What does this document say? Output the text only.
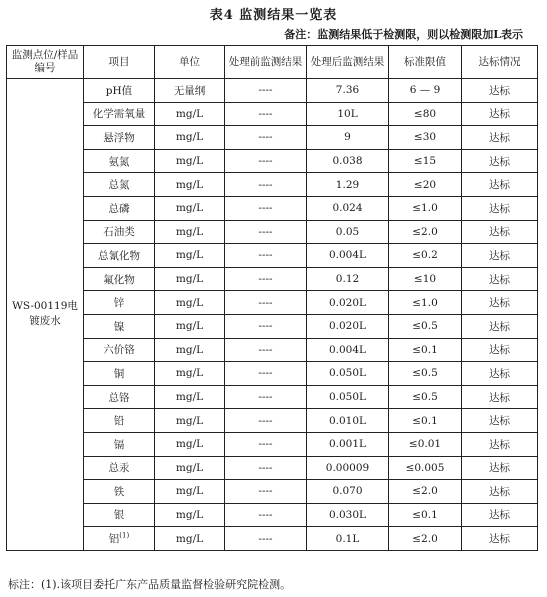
表4 监测结果一览表
备注：监测结果低于检测限，则以检测限加L表示
监测点位/样品编号	项目	单位	处理前监测结果	处理后监测结果	标准限值	达标情况
WS-00119电镀废水	pH值	无量纲	----	7.36	6 — 9	达标
	化学需氧量	mg/L	----	10L	≤80	达标
	悬浮物	mg/L	----	9	≤30	达标
	氨氮	mg/L	----	0.038	≤15	达标
	总氮	mg/L	----	1.29	≤20	达标
	总磷	mg/L	----	0.024	≤1.0	达标
	石油类	mg/L	----	0.05	≤2.0	达标
	总氰化物	mg/L	----	0.004L	≤0.2	达标
	氟化物	mg/L	----	0.12	≤10	达标
	锌	mg/L	----	0.020L	≤1.0	达标
	镍	mg/L	----	0.020L	≤0.5	达标
	六价铬	mg/L	----	0.004L	≤0.1	达标
	铜	mg/L	----	0.050L	≤0.5	达标
	总铬	mg/L	----	0.050L	≤0.5	达标
	铅	mg/L	----	0.010L	≤0.1	达标
	镉	mg/L	----	0.001L	≤0.01	达标
	总汞	mg/L	----	0.00009	≤0.005	达标
	铁	mg/L	----	0.070	≤2.0	达标
	银	mg/L	----	0.030L	≤0.1	达标
	铝$^{(1)}$	mg/L	----	0.1L	≤2.0	达标
标注：(1).该项目委托广东产品质量监督检验研究院检测。
